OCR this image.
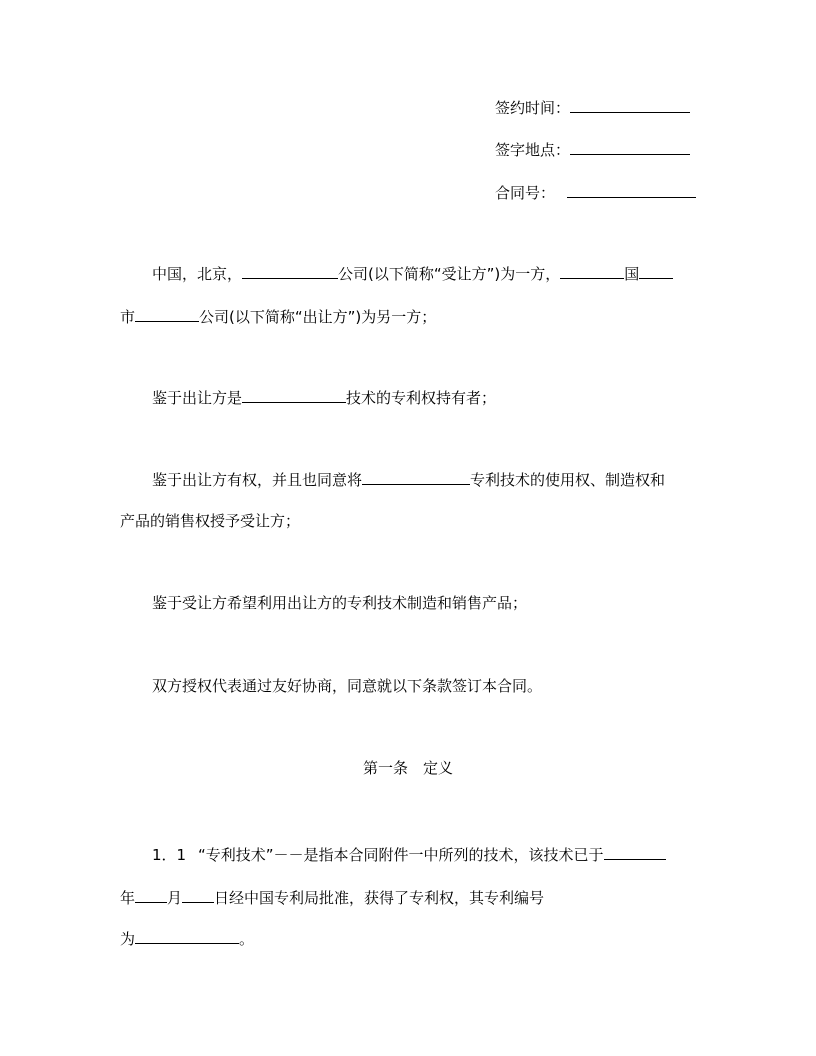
签约时间：
签字地点：
合同号：
中国，北京，	公司(以下简称“受让方”)为一方，	国
市	公司(以下简称“出让方”)为另一方；
鉴于出让方是	技术的专利权持有者；
鉴于出让方有权，并且也同意将	专利技术的使用权、制造权和
产品的销售权授予受让方；
鉴于受让方希望利用出让方的专利技术制造和销售产品；
双方授权代表通过友好协商，同意就以下条款签订本合同。
第一条　定义
1．1 “专利技术”－－是指本合同附件一中所列的技术，该技术已于
年 月 日经中国专利局批准，获得了专利权，其专利编号
为	。
